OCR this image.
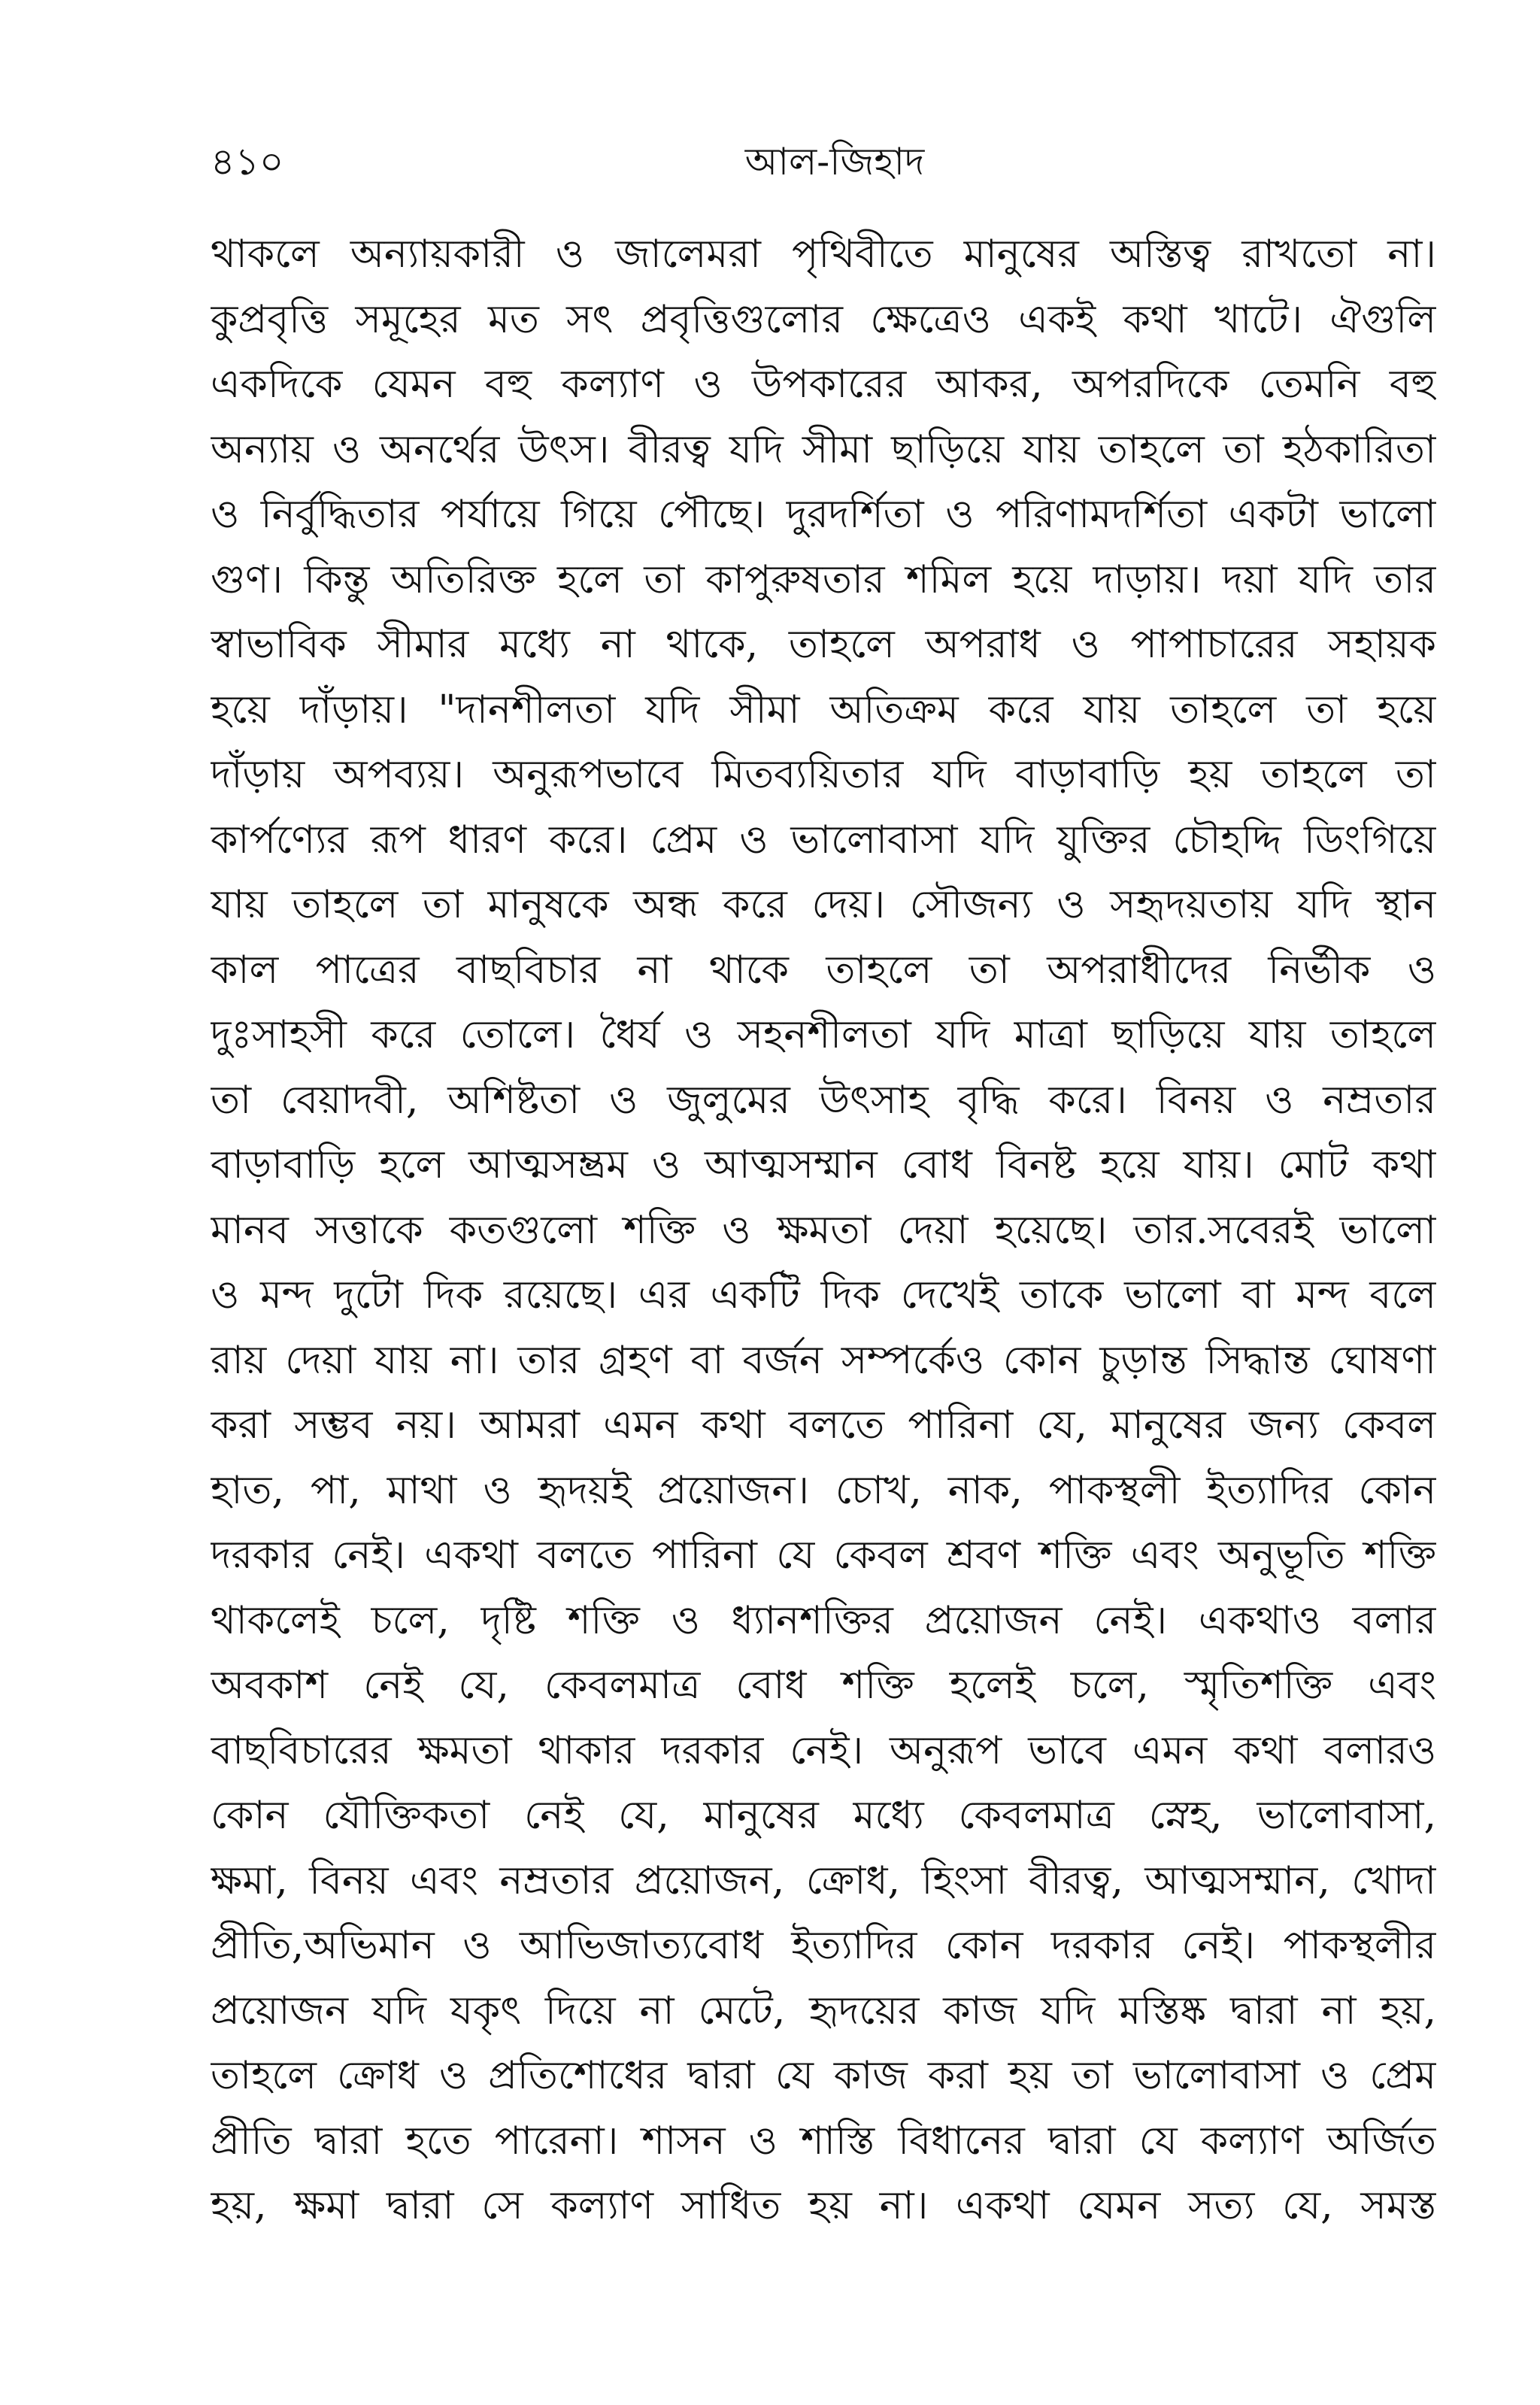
৪১০	আল-জিহাদ
থাকলে অন্যায়কারী ও জালেমরা পৃথিবীতে মানুষের অস্তিত্ব রাখতো না।
কুপ্রবৃত্তি সমূহের মত সৎ প্রবৃত্তিগুলোর ক্ষেত্রেও একই কথা খাটে। ঐগুলি
একদিকে যেমন বহু কল্যাণ ও উপকারের আকর, অপরদিকে তেমনি বহু
অন্যায় ও অনর্থের উৎস। বীরত্ব যদি সীমা ছাড়িয়ে যায় তাহলে তা হঠকারিতা
ও নির্বুদ্ধিতার পর্যায়ে গিয়ে পৌছে। দুরদর্শিতা ও পরিণামদর্শিতা একটা ভালো
গুণ। কিন্তু অতিরিক্ত হলে তা কাপুরুষতার শমিল হয়ে দাড়ায়। দয়া যদি তার
স্বাভাবিক সীমার মধ্যে না থাকে, তাহলে অপরাধ ও পাপাচারের সহায়ক
হয়ে দাঁড়ায়। "দানশীলতা যদি সীমা অতিক্রম করে যায় তাহলে তা হয়ে
দাঁড়ায় অপব্যয়। অনুরূপভাবে মিতব্যয়িতার যদি বাড়াবাড়ি হয় তাহলে তা
কার্পণ্যের রূপ ধারণ করে। প্রেম ও ভালোবাসা যদি যুক্তির চৌহদ্দি ডিংগিয়ে
যায় তাহলে তা মানুষকে অন্ধ করে দেয়। সৌজন্য ও সহৃদয়তায় যদি স্থান
কাল পাত্রের বাছবিচার না থাকে তাহলে তা অপরাধীদের নির্ভীক ও
দুঃসাহসী করে তোলে। ধৈর্য ও সহনশীলতা যদি মাত্রা ছাড়িয়ে যায় তাহলে
তা বেয়াদবী, অশিষ্টতা ও জুলুমের উৎসাহ বৃদ্ধি করে। বিনয় ও নম্রতার
বাড়াবাড়ি হলে আত্মসম্ভ্রম ও আত্মসম্মান বোধ বিনষ্ট হয়ে যায়। মোট কথা
মানব সত্তাকে কতগুলো শক্তি ও ক্ষমতা দেয়া হয়েছে। তার.সবেরই ভালো
ও মন্দ দুটো দিক রয়েছে। এর একটি দিক দেখেই তাকে ভালো বা মন্দ বলে
রায় দেয়া যায় না। তার গ্রহণ বা বর্জন সম্পর্কেও কোন চুড়ান্ত সিদ্ধান্ত ঘোষণা
করা সম্ভব নয়। আমরা এমন কথা বলতে পারিনা যে, মানুষের জন্য কেবল
হাত, পা, মাথা ও হৃদয়ই প্রয়োজন। চোখ, নাক, পাকস্থলী ইত্যাদির কোন
দরকার নেই। একথা বলতে পারিনা যে কেবল শ্রবণ শক্তি এবং অনুভূতি শক্তি
থাকলেই চলে, দৃষ্টি শক্তি ও ধ্যানশক্তির প্রয়োজন নেই। একথাও বলার
অবকাশ নেই যে, কেবলমাত্র বোধ শক্তি হলেই চলে, স্মৃতিশক্তি এবং
বাছবিচারের ক্ষমতা থাকার দরকার নেই। অনুরূপ ভাবে এমন কথা বলারও
কোন যৌক্তিকতা নেই যে, মানুষের মধ্যে কেবলমাত্র স্নেহ, ভালোবাসা,
ক্ষমা, বিনয় এবং নম্রতার প্রয়োজন, ক্রোধ, হিংসা বীরত্ব, আত্মসম্মান, খোদা
প্রীতি,অভিমান ও আভিজাত্যবোধ ইত্যাদির কোন দরকার নেই। পাকস্থলীর
প্রয়োজন যদি যকৃৎ দিয়ে না মেটে, হৃদয়ের কাজ যদি মস্তিষ্ক দ্বারা না হয়,
তাহলে ক্রোধ ও প্রতিশোধের দ্বারা যে কাজ করা হয় তা ভালোবাসা ও প্রেম
প্রীতি দ্বারা হতে পারেনা। শাসন ও শাস্তি বিধানের দ্বারা যে কল্যাণ অর্জিত
হয়, ক্ষমা দ্বারা সে কল্যাণ সাধিত হয় না। একথা যেমন সত্য যে, সমস্ত
